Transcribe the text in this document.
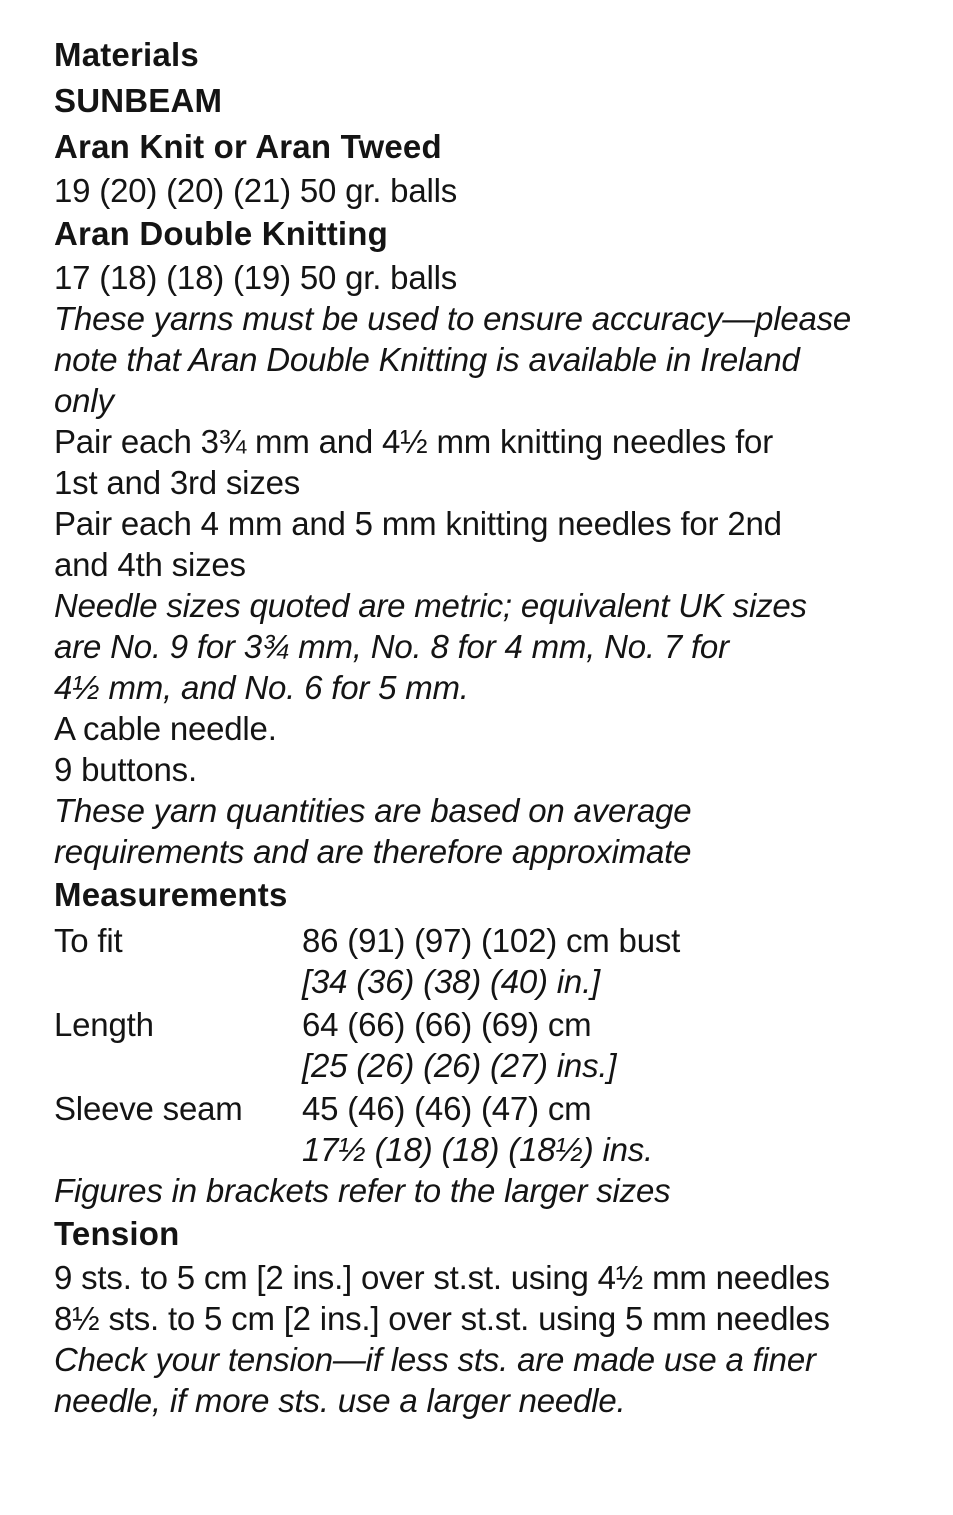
Materials
SUNBEAM
Aran Knit or Aran Tweed
19 (20) (20) (21) 50 gr. balls
Aran Double Knitting
17 (18) (18) (19) 50 gr. balls
These yarns must be used to ensure accuracy—please
note that Aran Double Knitting is available in Ireland
only
Pair each 3¾ mm and 4½ mm knitting needles for
1st and 3rd sizes
Pair each 4 mm and 5 mm knitting needles for 2nd
and 4th sizes
Needle sizes quoted are metric; equivalent UK sizes
are No. 9 for 3¾ mm, No. 8 for 4 mm, No. 7 for
4½ mm, and No. 6 for 5 mm.
A cable needle.
9 buttons.
These yarn quantities are based on average
requirements and are therefore approximate
Measurements
To fit	86 (91) (97) (102) cm bust
[34 (36) (38) (40) in.]
Length	64 (66) (66) (69) cm
[25 (26) (26) (27) ins.]
Sleeve seam 45 (46) (46) (47) cm
17½ (18) (18) (18½) ins.
Figures in brackets refer to the larger sizes
Tension
9 sts. to 5 cm [2 ins.] over st.st. using 4½ mm needles
8½ sts. to 5 cm [2 ins.] over st.st. using 5 mm needles
Check your tension—if less sts. are made use a finer
needle, if more sts. use a larger needle.
